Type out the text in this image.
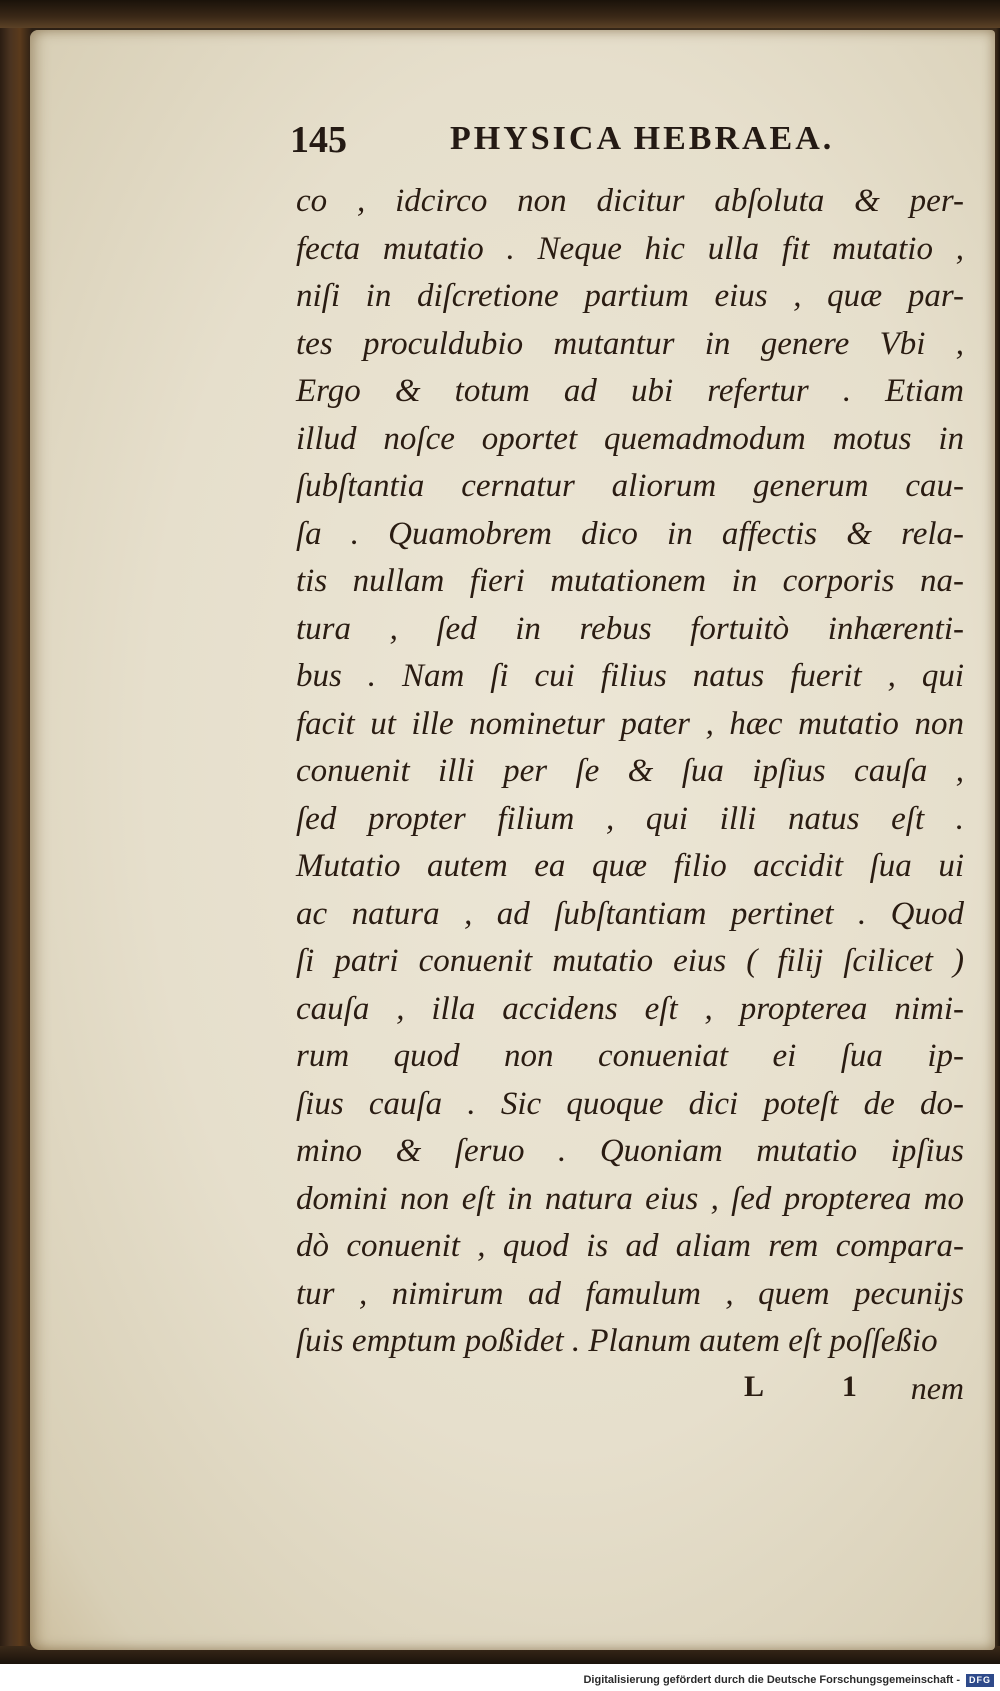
145	PHYSICA HEBRAEA.
co , idcirco non dicitur abſoluta & per-
fecta mutatio . Neque hic ulla fit mutatio ,
niſi in diſcretione partium eius , quæ par-
tes proculdubio mutantur in genere Vbi ,
Ergo & totum ad ubi refertur . Etiam
illud noſce oportet quemadmodum motus in
ſubſtantia cernatur aliorum generum cau-
ſa . Quamobrem dico in affectis & rela-
tis nullam fieri mutationem in corporis na-
tura , ſed in rebus fortuitò inhærenti-
bus . Nam ſi cui filius natus fuerit , qui
facit ut ille nominetur pater , hæc mutatio non
conuenit illi per ſe & ſua ipſius cauſa ,
ſed propter filium , qui illi natus eſt .
Mutatio autem ea quæ filio accidit ſua ui
ac natura , ad ſubſtantiam pertinet . Quod
ſi patri conuenit mutatio eius ( filij ſcilicet )
cauſa , illa accidens eſt , propterea nimi-
rum quod non conueniat ei ſua ip-
ſius cauſa . Sic quoque dici poteſt de do-
mino & ſeruo . Quoniam mutatio ipſius
domini non eſt in natura eius , ſed propterea mo
dò conuenit , quod is ad aliam rem compara-
tur , nimirum ad famulum , quem pecunijs
ſuis emptum poßidet . Planum autem eſt poſſeßio
L 1 nem
Digitalisierung gefördert durch die Deutsche Forschungsgemeinschaft -	DFG
